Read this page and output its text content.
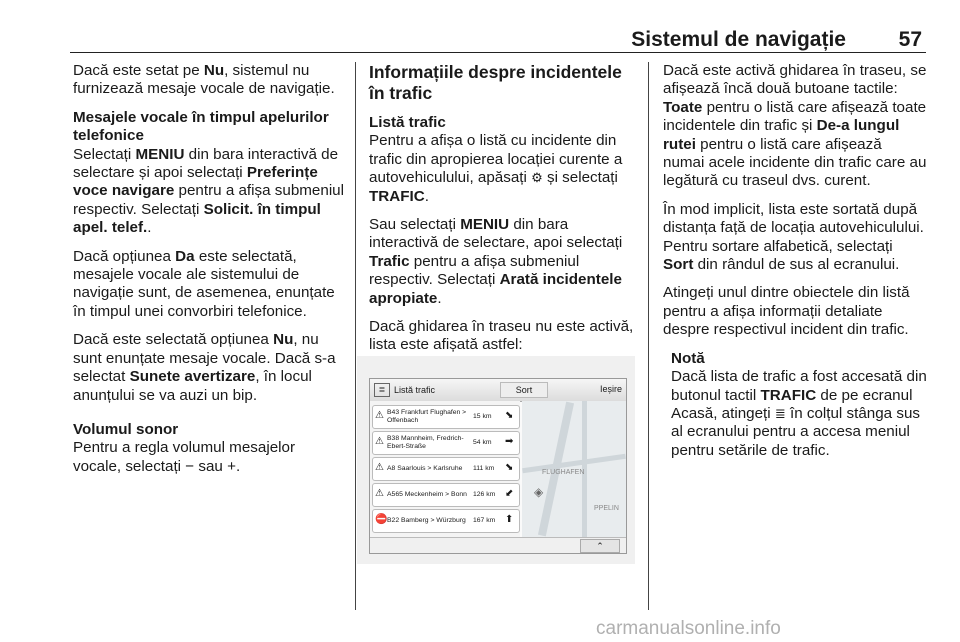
Sistemul de navigație	57

Dacă este setat pe Nu, sistemul nu furnizează mesaje vocale de navigație.

Mesajele vocale în timpul apelurilor telefonice

Selectați MENIU din bara interactivă de selectare și apoi selectați Preferințe voce navigare pentru a afișa submeniul respectiv. Selectați Solicit. în timpul apel. telef..

Dacă opțiunea Da este selectată, mesajele vocale ale sistemului de navigație sunt, de asemenea, enunțate în timpul unei convorbiri telefonice.

Dacă este selectată opțiunea Nu, nu sunt enunțate mesaje vocale. Dacă s-a selectat Sunete avertizare, în locul anunțului se va auzi un bip.

Volumul sonor

Pentru a regla volumul mesajelor vocale, selectați − sau +.

Informațiile despre incidentele în trafic

Listă trafic

Pentru a afișa o listă cu incidente din trafic din apropierea locației curente a autovehiculului, apăsați ⚙ și selectați TRAFIC.

Sau selectați MENIU din bara interactivă de selectare, apoi selectați Trafic pentru a afișa submeniul respectiv. Selectați Arată incidentele apropiate.

Dacă ghidarea în traseu nu este activă, lista este afișată astfel:

≣ Listă trafic	Sort	Ieșire
⚠ B43 Frankfurt Flughafen > Offenbach
15 km ⬊
⚠ B38 Mannheim, Fredrich-Ebert-Straße
54 km ➡
⚠ A8 Saarlouis > Karlsruhe	111 km ⬊
⚠ A565 Meckenheim > Bonn 126 km ⬋
⛔ B22 Bamberg > Würzburg	167 km ⬆
FLUGHAFEN
PPELIN
◈
⌃

Dacă este activă ghidarea în traseu, se afișează încă două butoane tactile: Toate pentru o listă care afișează toate incidentele din trafic și De-a lungul rutei pentru o listă care afișează numai acele incidente din trafic care au legătură cu traseul dvs. curent.

În mod implicit, lista este sortată după distanța față de locația autovehiculului. Pentru sortare alfabetică, selectați Sort din rândul de sus al ecranului.

Atingeți unul dintre obiectele din listă pentru a afișa informații detaliate despre respectivul incident din trafic.

Notă

Dacă lista de trafic a fost accesată din butonul tactil TRAFIC de pe ecranul Acasă, atingeți ≣ în colțul stânga sus al ecranului pentru a accesa meniul pentru setările de trafic.

carmanualsonline.info
